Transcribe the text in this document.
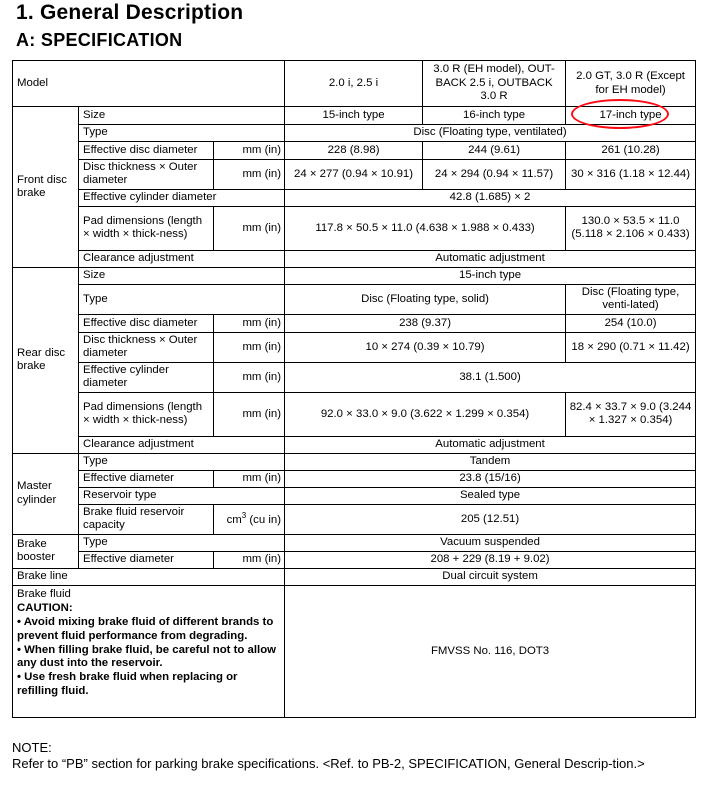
1. General Description
A: SPECIFICATION
Model			2.0 i, 2.5 i	3.0 R (EH model), OUT-BACK 2.5 i, OUTBACK 3.0 R	2.0 GT, 3.0 R (Except for EH model)
Front disc brake	Size		15-inch type	16-inch type	17-inch type
	Type		Disc (Floating type, ventilated)		
	Effective disc diameter	mm (in)	228 (8.98)	244 (9.61)	261 (10.28)
	Disc thickness × Outer diameter	mm (in)	24 × 277 (0.94 × 10.91)	24 × 294 (0.94 × 11.57)	30 × 316 (1.18 × 12.44)
	Effective cylinder diameter		42.8 (1.685) × 2		
	Pad dimensions (length × width × thick-ness)	mm (in)	117.8 × 50.5 × 11.0 (4.638 × 1.988 × 0.433)		130.0 × 53.5 × 11.0 (5.118 × 2.106 × 0.433)
	Clearance adjustment		Automatic adjustment		
Rear disc brake	Size		15-inch type		
	Type		Disc (Floating type, solid)		Disc (Floating type, venti-lated)
	Effective disc diameter	mm (in)	238 (9.37)		254 (10.0)
	Disc thickness × Outer diameter	mm (in)	10 × 274 (0.39 × 10.79)		18 × 290 (0.71 × 11.42)
	Effective cylinder diameter	mm (in)	38.1 (1.500)		
	Pad dimensions (length × width × thick-ness)	mm (in)	92.0 × 33.0 × 9.0 (3.622 × 1.299 × 0.354)		82.4 × 33.7 × 9.0 (3.244 × 1.327 × 0.354)
	Clearance adjustment		Automatic adjustment		
Master cylinder	Type		Tandem		
	Effective diameter	mm (in)	23.8 (15/16)		
	Reservoir type		Sealed type		
	Brake fluid reservoir capacity	$cm^3$ (cu in)	205 (12.51)		
Brake booster	Type		Vacuum suspended		
	Effective diameter	mm (in)	208 + 229 (8.19 + 9.02)		
Brake line			Dual circuit system		

Brake fluid
CAUTION:
• Avoid mixing brake fluid of different brands to prevent fluid performance from degrading.
• When filling brake fluid, be careful not to allow any dust into the reservoir.
• Use fresh brake fluid when replacing or refilling fluid.			FMVSS No. 116, DOT3		
NOTE:
Refer to “PB” section for parking brake specifications. <Ref. to PB-2, SPECIFICATION, General Descrip-tion.>
